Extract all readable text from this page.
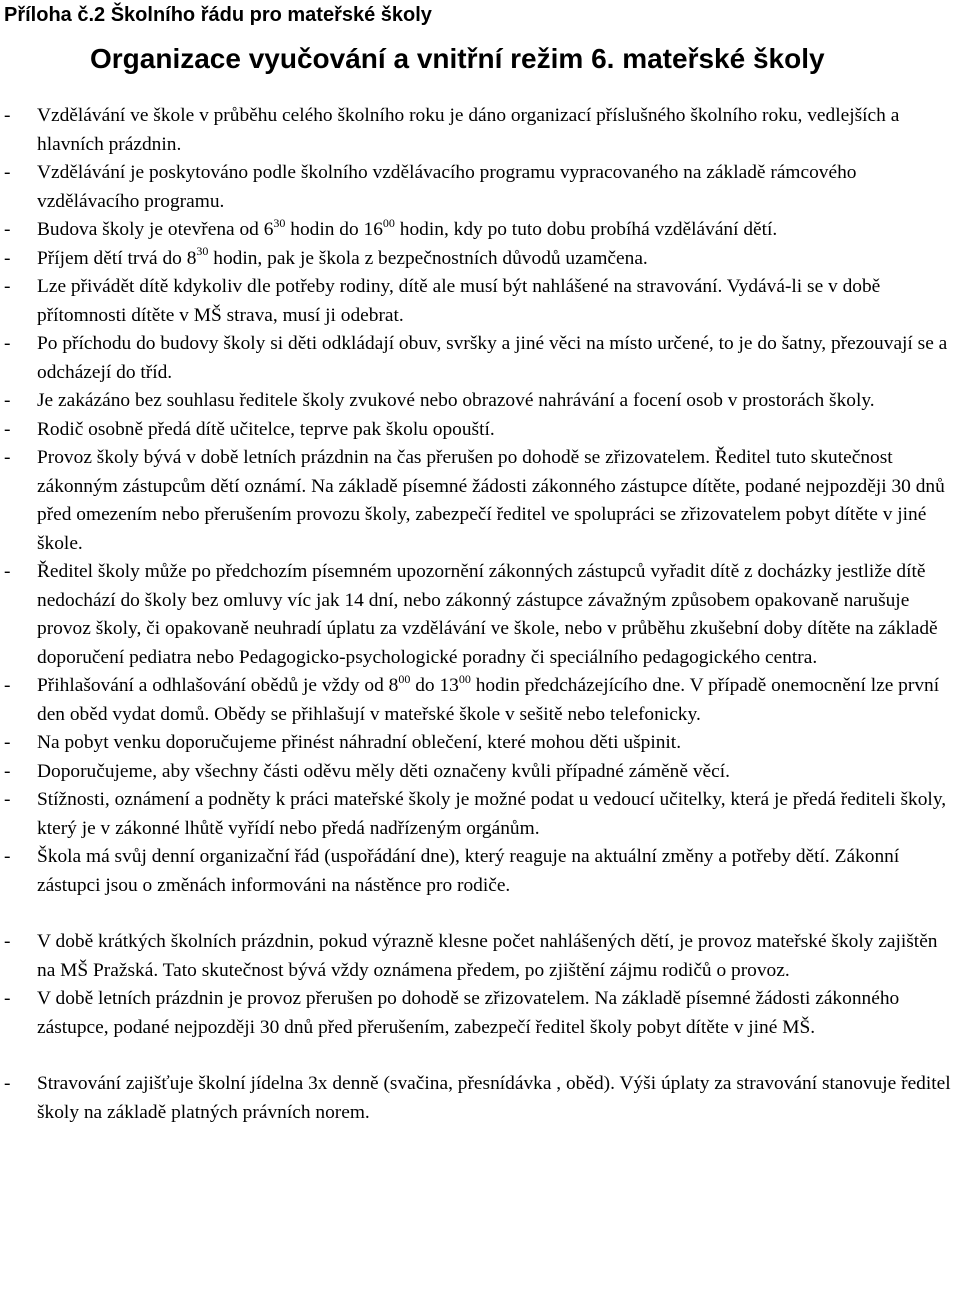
Příloha č.2 Školního řádu pro mateřské školy
Organizace vyučování a vnitřní režim 6. mateřské školy
- Vzdělávání ve škole v průběhu celého školního roku je dáno organizací příslušného školního roku, vedlejších a hlavních prázdnin.
- Vzdělávání je poskytováno podle školního vzdělávacího programu vypracovaného na základě rámcového vzdělávacího programu.
- Budova školy je otevřena od $6^{30}$ hodin do $16^{00}$ hodin, kdy po tuto dobu probíhá vzdělávání dětí.
- Příjem dětí trvá do $8^{30}$ hodin, pak je škola z bezpečnostních důvodů uzamčena.
- Lze přivádět dítě kdykoliv dle potřeby rodiny, dítě ale musí být nahlášené na stravování. Vydává-li se v době přítomnosti dítěte v MŠ strava, musí ji odebrat.
- Po příchodu do budovy školy si děti odkládají obuv, svršky a jiné věci na místo určené, to je do šatny, přezouvají se a odcházejí do tříd.
- Je zakázáno bez souhlasu ředitele školy zvukové nebo obrazové nahrávání a focení osob v prostorách školy.
- Rodič osobně předá dítě učitelce, teprve pak školu opouští.
- Provoz školy bývá v době letních prázdnin na čas přerušen po dohodě se zřizovatelem. Ředitel tuto skutečnost zákonným zástupcům dětí oznámí. Na základě písemné žádosti zákonného zástupce dítěte, podané nejpozději 30 dnů před omezením nebo přerušením provozu školy, zabezpečí ředitel ve spolupráci se zřizovatelem pobyt dítěte v jiné škole.
- Ředitel školy může po předchozím písemném upozornění zákonných zástupců vyřadit dítě z docházky jestliže dítě nedochází do školy bez omluvy víc jak 14 dní, nebo zákonný zástupce závažným způsobem opakovaně narušuje provoz školy, či opakovaně neuhradí úplatu za vzdělávání ve škole, nebo v průběhu zkušební doby dítěte na základě doporučení pediatra nebo Pedagogicko-psychologické poradny či speciálního pedagogického centra.
- Přihlašování a odhlašování obědů je vždy od $8^{00}$ do $13^{00}$ hodin předcházejícího dne. V případě onemocnění lze první den oběd vydat domů. Obědy se přihlašují v mateřské škole v sešitě nebo telefonicky.
- Na pobyt venku doporučujeme přinést náhradní oblečení, které mohou děti ušpinit.
- Doporučujeme, aby všechny části oděvu měly děti označeny kvůli případné záměně věcí.
- Stížnosti, oznámení a podněty k práci mateřské školy je možné podat u vedoucí učitelky, která je předá řediteli školy, který je v zákonné lhůtě vyřídí nebo předá nadřízeným orgánům.
- Škola má svůj denní organizační řád (uspořádání dne), který reaguje na aktuální změny a potřeby dětí. Zákonní zástupci jsou o změnách informováni na nástěnce pro rodiče.
- V době krátkých školních prázdnin, pokud výrazně klesne počet nahlášených dětí, je provoz mateřské školy zajištěn na MŠ Pražská. Tato skutečnost bývá vždy oznámena předem, po zjištění zájmu rodičů o provoz.
- V době letních prázdnin je provoz přerušen po dohodě se zřizovatelem. Na základě písemné žádosti zákonného zástupce, podané nejpozději 30 dnů před přerušením, zabezpečí ředitel školy pobyt dítěte v jiné MŠ.
- Stravování zajišťuje školní jídelna 3x denně (svačina, přesnídávka , oběd). Výši úplaty za stravování stanovuje ředitel školy na základě platných právních norem.
